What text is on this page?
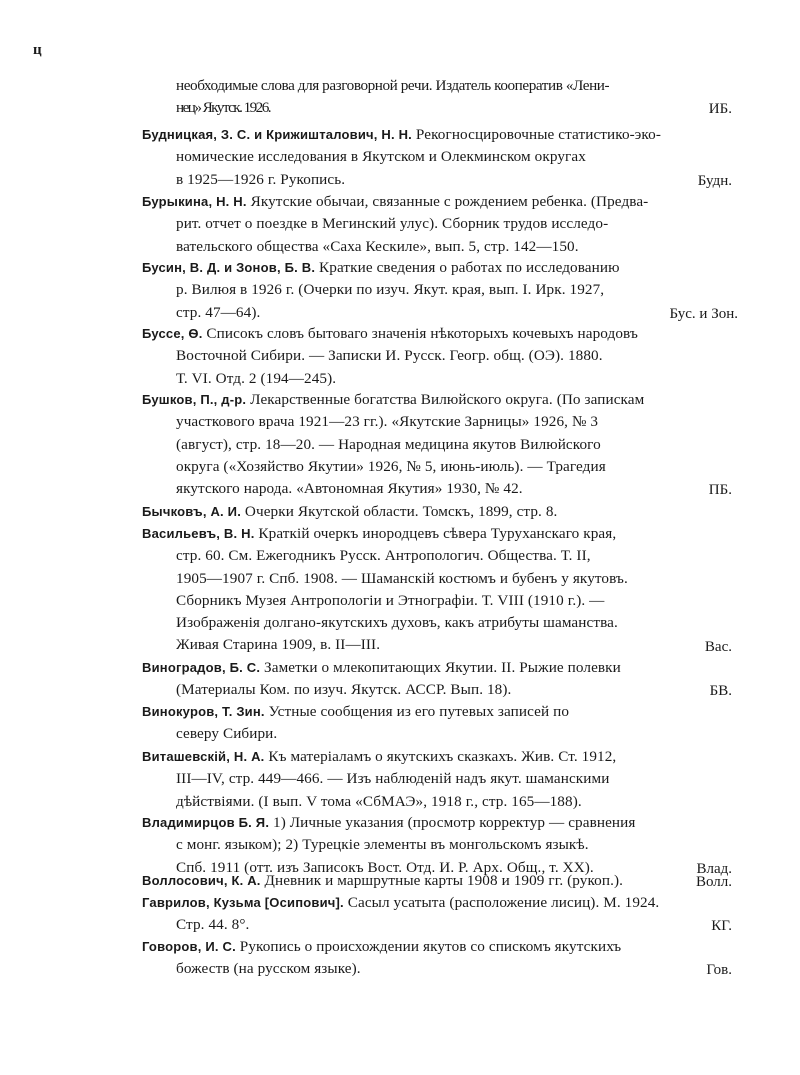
ц
необходимые слова для разговорной речи. Издатель кооператив «Лени-
нец» Якутск. 1926.	ИБ.
Будницкая, З. С. и Крижишталович, Н. Н. Рекогносцировочные статистико-эко-
номические исследования в Якутском и Олекминском округах
в 1925—1926 г. Рукопись.	Будн.
Бурыкина, Н. Н. Якутские обычаи, связанные с рождением ребенка. (Предва-
рит. отчет о поездке в Мегинский улус). Сборник трудов исследо-
вательского общества «Саха Кескиле», вып. 5, стр. 142—150.
Бусин, В. Д. и Зонов, Б. В. Краткие сведения о работах по исследованию
р. Вилюя в 1926 г. (Очерки по изуч. Якут. края, вып. I. Ирк. 1927,
стр. 47—64).	Бус. и Зон.
Буссе, Ѳ. Списокъ словъ бытоваго значенія нѣкоторыхъ кочевыхъ народовъ
Восточной Сибири. — Записки И. Русск. Геогр. общ. (ОЭ). 1880.
Т. VI. Отд. 2 (194—245).
Бушков, П., д-р. Лекарственные богатства Вилюйского округа. (По запискам
участкового врача 1921—23 гг.). «Якутские Зарницы» 1926, № 3
(август), стр. 18—20. — Народная медицина якутов Вилюйского
округа («Хозяйство Якутии» 1926, № 5, июнь-июль). — Трагедия
якутского народа. «Автономная Якутия» 1930, № 42.	ПБ.
Бычковъ, А. И. Очерки Якутской области. Томскъ, 1899, стр. 8.
Васильевъ, В. Н. Краткій очеркъ инородцевъ сѣвера Туруханскаго края,
стр. 60. См. Ежегодникъ Русск. Антропологич. Общества. Т. II,
1905—1907 г. Спб. 1908. — Шаманскій костюмъ и бубенъ у якутовъ.
Сборникъ Музея Антропологіи и Этнографіи. Т. VIII (1910 г.). —
Изображенія долгано-якутскихъ духовъ, какъ атрибуты шаманства.
Живая Старина 1909, в. II—III.	Вас.
Виноградов, Б. С. Заметки о млекопитающих Якутии. II. Рыжие полевки
(Материалы Ком. по изуч. Якутск. АССР. Вып. 18).	БВ.
Винокуров, Т. Зин. Устные сообщения из его путевых записей по
северу Сибири.
Виташевскій, Н. А. Къ матеріаламъ о якутскихъ сказкахъ. Жив. Ст. 1912,
III—IV, стр. 449—466. — Изъ наблюденій надъ якут. шаманскими
дѣйствіями. (I вып. V тома «СбМАЭ», 1918 г., стр. 165—188).
Владимирцов Б. Я. 1) Личные указания (просмотр корректур — сравнения
с монг. языком); 2) Турецкіе элементы въ монгольскомъ языкѣ.
Спб. 1911 (отт. изъ Записокъ Вост. Отд. И. Р. Арх. Общ., т. XX).	Влад.
Воллосович, К. А. Дневник и маршрутные карты 1908 и 1909 гг. (рукоп.).	Волл.
Гаврилов, Кузьма [Осипович]. Сасыл усатыта (расположение лисиц). М. 1924.
Стр. 44. 8°.	КГ.
Говоров, И. С. Рукопись о происхождении якутов со спискомъ якутскихъ
божеств (на русском языке).	Гов.
